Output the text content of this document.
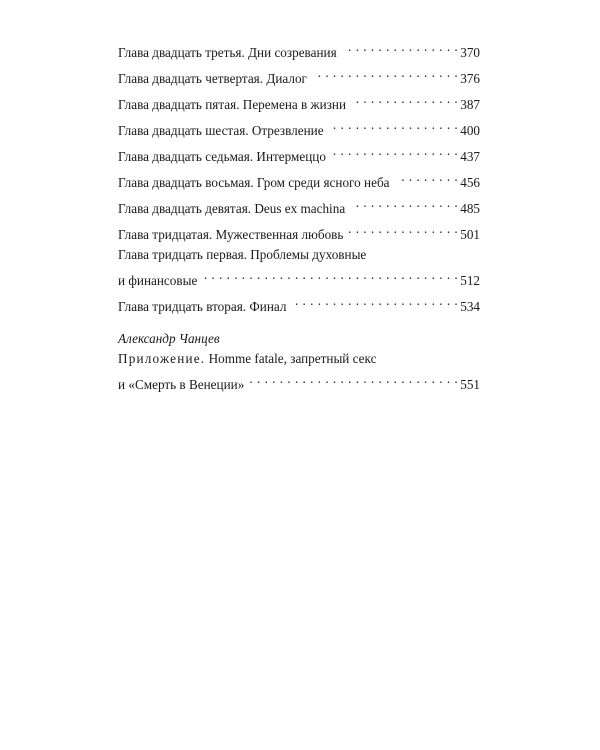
Глава двадцать третья. Дни созревания . . .	370
Глава двадцать четвертая. Диалог . . .	376
Глава двадцать пятая. Перемена в жизни . . .	387
Глава двадцать шестая. Отрезвление . . .	400
Глава двадцать седьмая. Интермеццо . . .	437
Глава двадцать восьмая. Гром среди ясного неба . . .	456
Глава двадцать девятая. Deus ex machina . . .	485
Глава тридцатая. Мужественная любовь . . .	501
Глава тридцать первая. Проблемы духовные
и финансовые . . .	512
Глава тридцать вторая. Финал . . .	534
Александр Чанцев
Приложение. Homme fatale, запретный секс
и «Смерть в Венеции» . . .	551
